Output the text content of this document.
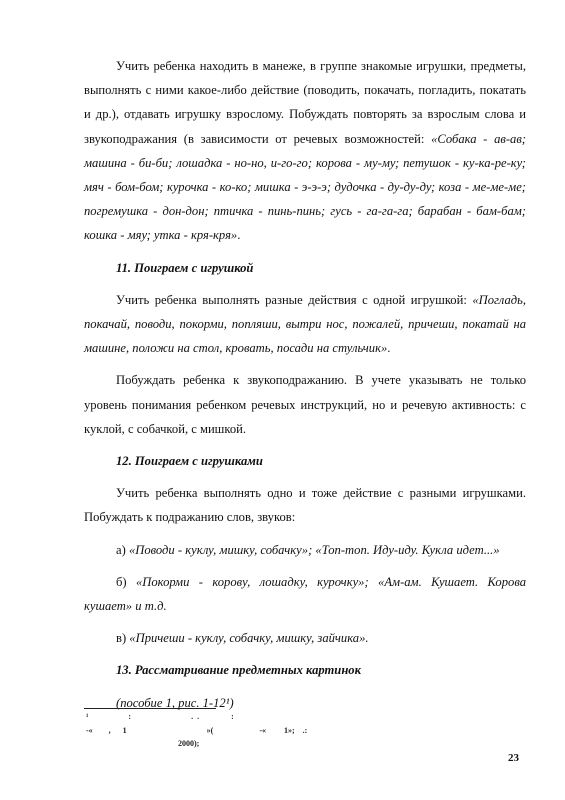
Учить ребенка находить в манеже, в группе знакомые игрушки, предметы, выполнять с ними какое-либо действие (поводить, покачать, погладить, покатать и др.), отдавать игрушку взрослому. Побуждать повторять за взрослым слова и звукоподражания (в зависимости от речевых возможностей: «Собака - ав-ав; машина - би-би; лошадка - но-но, и-го-го; корова - му-му; петушок - ку-ка-ре-ку; мяч - бом-бом; курочка - ко-ко; мишка - э-э-э; дудочка - ду-ду-ду; коза - ме-ме-ме; погремушка - дон-дон; птичка - пинь-пинь; гусь - га-га-га; барабан - бам-бам; кошка - мяу; утка - кря-кря».

11. Поиграем с игрушкой

Учить ребенка выполнять разные действия с одной игрушкой: «Погладь, покачай, поводи, покорми, попляши, вытри нос, пожалей, причеши, покатай на машине, положи на стол, кровать, посади на стульчик».

Побуждать ребенка к звукоподражанию. В учете указывать не только уровень понимания ребенком речевых инструкций, но и речевую активность: с куклой, с собачкой, с мишкой.

12. Поиграем с игрушками

Учить ребенка выполнять одно и тоже действие с разными игрушками. Побуждать к подражанию слов, звуков:

а) «Поводи - куклу, мишку, собачку»; «Топ-топ. Иду-иду. Кукла идет...»

б) «Покорми - корову, лошадку, курочку»; «Ам-ам. Кушает. Корова кушает» и т.д.

в) «Причеши - куклу, собачку, мишку, зайчика».

13. Рассматривание предметных картинок

(пособие 1, рис. 1-12¹)

¹                    :                              .  .                :
-«        ,      1                                        »(                       -«         1»;    .:
2000);
23
